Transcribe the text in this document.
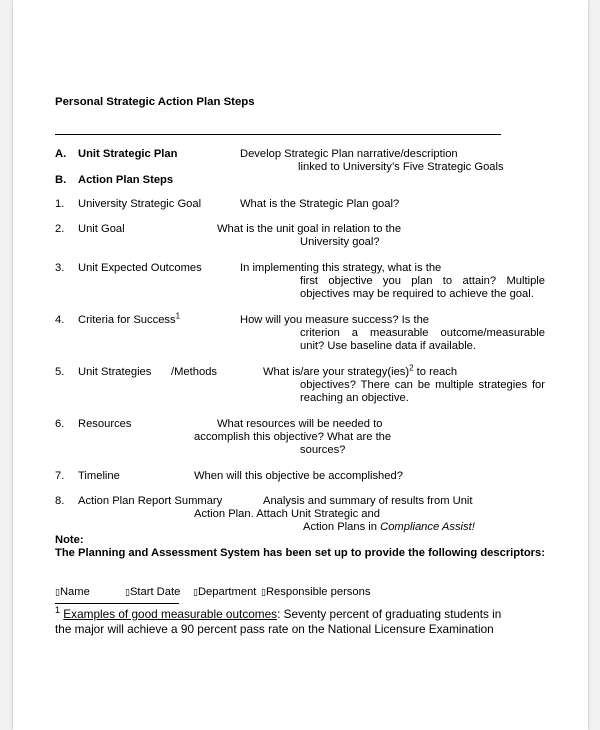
Personal Strategic Action Plan Steps
A. Unit Strategic Plan	Develop Strategic Plan narrative/description
linked to University’s Five Strategic Goals
B. Action Plan Steps
1. University Strategic Goal	What is the Strategic Plan goal?
2. Unit Goal	What is the unit goal in relation to the
University goal?
3. Unit Expected Outcomes	In implementing this strategy, what is the
first objective you plan to attain? Multiple
objectives may be required to achieve the goal.
4. Criteria for Success$^1$	How will you measure success? Is the
criterion a measurable outcome/measurable
unit? Use baseline data if available.
5. Unit Strategies /Methods	What is/are your strategy(ies)$^2$ to reach
objectives? There can be multiple strategies for
reaching an objective.
6. Resources	What resources will be needed to
accomplish this objective? What are the
sources?
7. Timeline	When will this objective be accomplished?
8. Action Plan Report Summary	Analysis and summary of results from Unit
Action Plan. Attach Unit Strategic and
Action Plans in Compliance Assist!
Note:
The Planning and Assessment System has been set up to provide the following descriptors:
▯Name	▯Start Date ▯Department ▯Responsible persons
$^1$ Examples of good measurable outcomes: Seventy percent of graduating students in
the major will achieve a 90 percent pass rate on the National Licensure Examination
